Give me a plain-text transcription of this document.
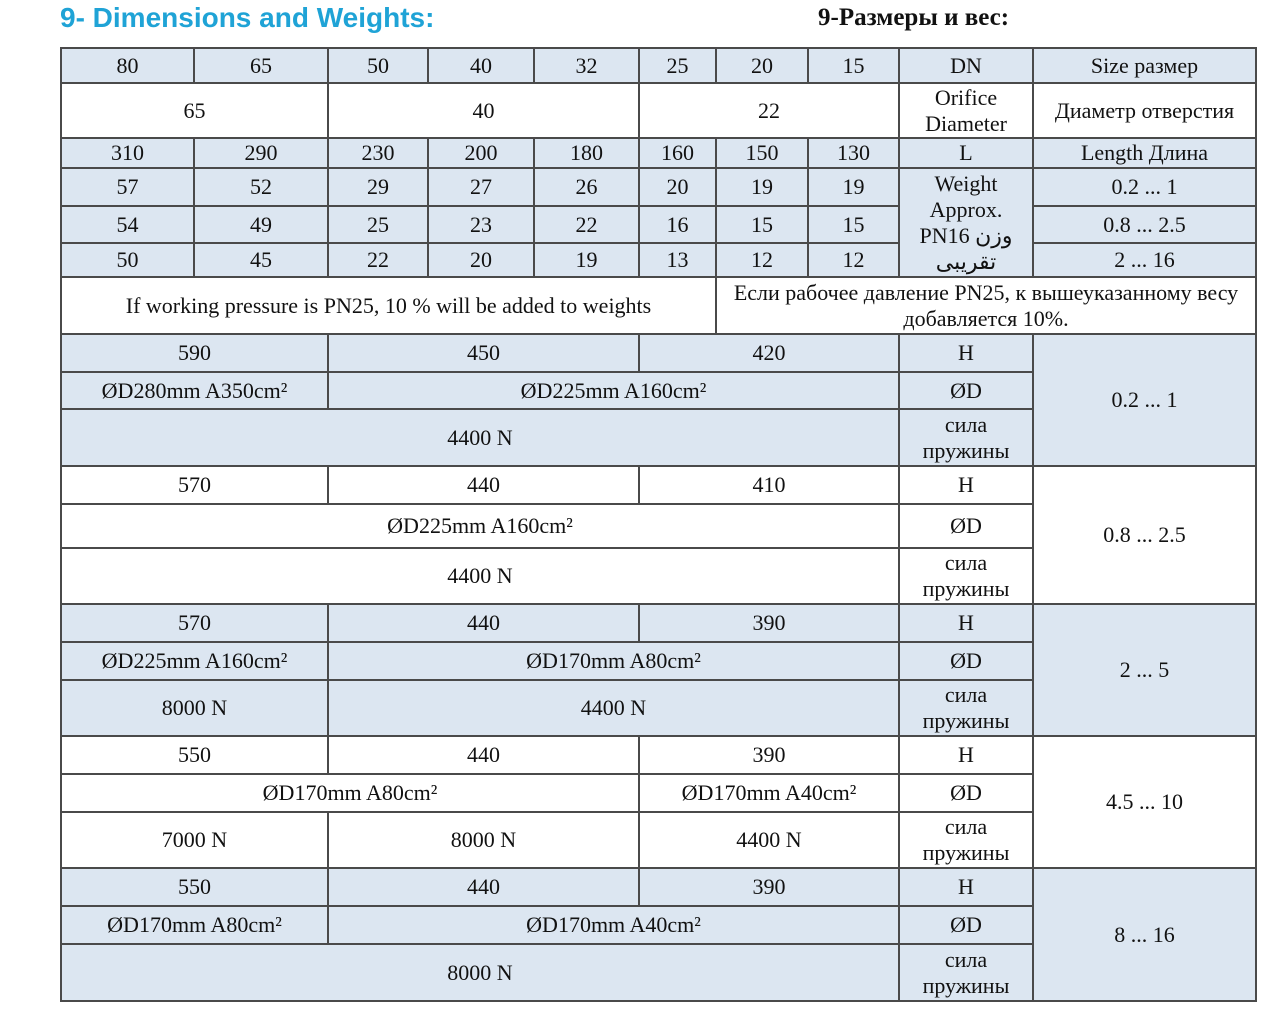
9- Dimensions and Weights:	9-Размеры и вес:
80	65	50	40	32	25	20	15	DN	Size размер
65		40			22			Orifice Diameter	Диаметр отверстия
310	290	230	200	180	160	150	130	L	Length Длина
57	52	29	27	26	20	19	19	Weight Approx. PN16 وزن تقریبی	0.2 ... 1
54	49	25	23	22	16	15	15		0.8 ... 2.5
50	45	22	20	19	13	12	12		2 ... 16
If working pressure is PN25, 10 % will be added to weights						Если рабочее давление PN25, к вышеуказанному весу добавляется 10%.			
590		450			420			H	0.2 ... 1
ØD280mm A350cm²		ØD225mm A160cm²						ØD	
4400 N								сила пружины	
570		440			410			H	0.8 ... 2.5
ØD225mm A160cm²								ØD	
4400 N								сила пружины	
570		440			390			H	2 ... 5
ØD225mm A160cm²		ØD170mm A80cm²						ØD	
8000 N		4400 N						сила пружины	
550		440			390			H	4.5 ... 10
ØD170mm A80cm²					ØD170mm A40cm²			ØD	
7000 N		8000 N			4400 N			сила пружины	
550		440			390			H	8 ... 16
ØD170mm A80cm²		ØD170mm A40cm²						ØD	
8000 N								сила пружины	
